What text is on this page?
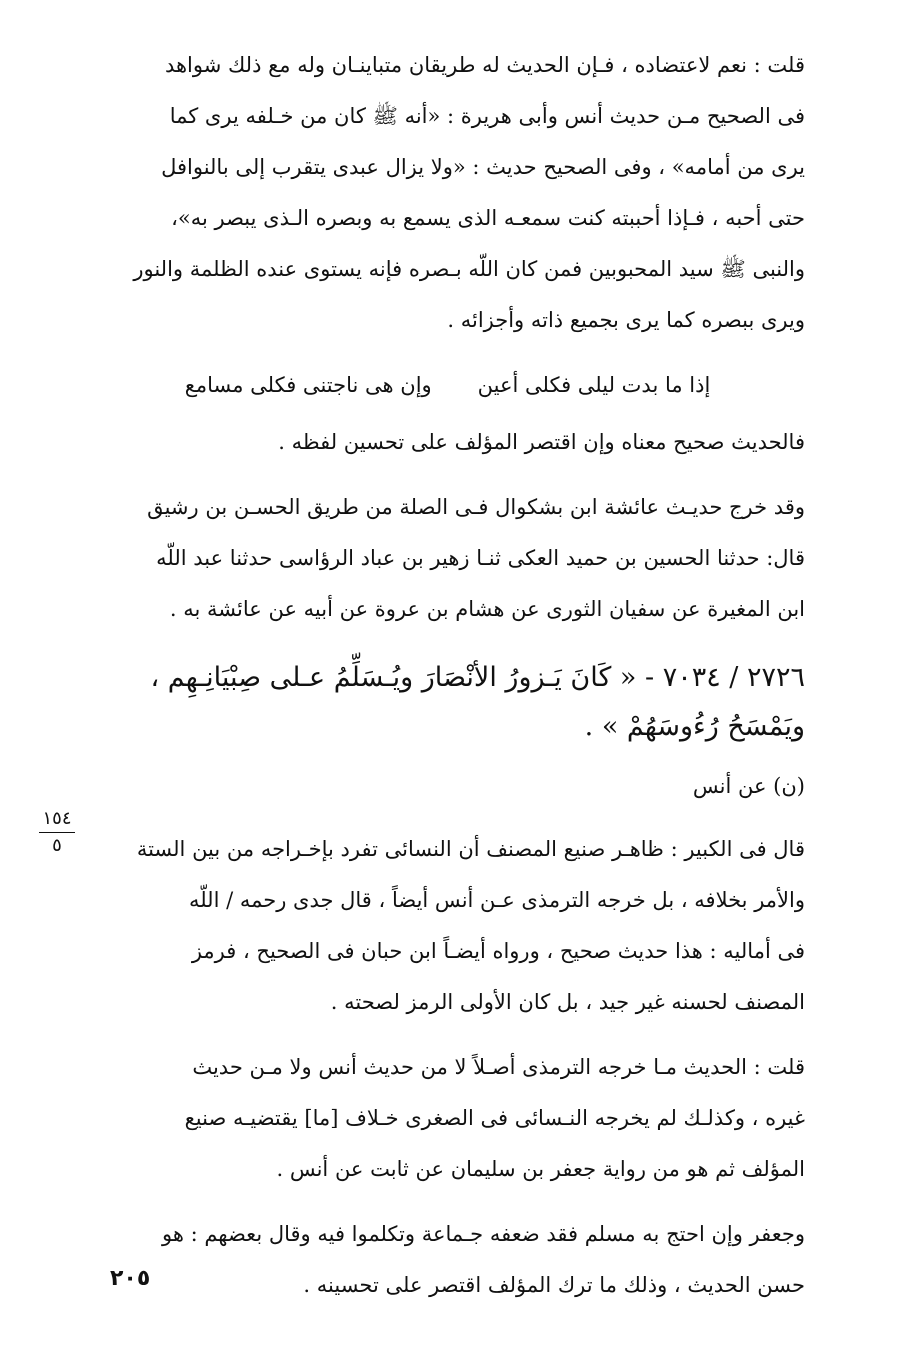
قلت : نعم لاعتضاده ، فـإن الحديث له طريقان متباينـان وله مع ذلك شواهد
فى الصحيح مـن حديث أنس وأبى هريرة : «أنه ﷺ كان من خـلفه يرى كما
يرى من أمامه» ، وفى الصحيح حديث : «ولا يزال عبدى يتقرب إلى بالنوافل
حتى أحبه ، فـإذا أحببته كنت سمعـه الذى يسمع به وبصره الـذى يبصر به»،
والنبى ﷺ سيد المحبوبين فمن كان اللّه بـصره فإنه يستوى عنده الظلمة والنور
ويرى ببصره كما يرى بجميع ذاته وأجزائه .
إذا ما بدت ليلى فكلى أعين
وإن هى ناجتنى فكلى مسامع
فالحديث صحيح معناه وإن اقتصر المؤلف على تحسين لفظه .
وقد خرج حديـث عائشة ابن بشكوال فـى الصلة من طريق الحسـن بن رشيق
قال: حدثنا الحسين بن حميد العكى ثنـا زهير بن عباد الرؤاسى حدثنا عبد اللّه
ابن المغيرة عن سفيان الثورى عن هشام بن عروة عن أبيه عن عائشة به .
٢٧٢٦ / ٧٠٣٤ - « كَانَ يَـزورُ الأنْصَارَ ويُـسَلِّمُ عـلى صِبْيَانِـهِم ،
ويَمْسَحُ رُءُوسَهُمْ » .
(ن) عن أنس
قال فى الكبير : ظاهـر صنيع المصنف أن النسائى تفرد بإخـراجه من بين الستة
والأمر بخلافه ، بل خرجه الترمذى عـن أنس أيضاً ، قال جدى رحمه / اللّه
فى أماليه : هذا حديث صحيح ، ورواه أيضـاً ابن حبان فى الصحيح ، فرمز
المصنف لحسنه غير جيد ، بل كان الأولى الرمز لصحته .
قلت : الحديث مـا خرجه الترمذى أصـلاً لا من حديث أنس ولا مـن حديث
غيره ، وكذلـك لم يخرجه النـسائى فى الصغرى خـلاف [ما] يقتضيـه صنيع
المؤلف ثم هو من رواية جعفر بن سليمان عن ثابت عن أنس .
وجعفر وإن احتج به مسلم فقد ضعفه جـماعة وتكلموا فيه وقال بعضهم : هو
حسن الحديث ، وذلك ما ترك المؤلف اقتصر على تحسينه .
١٥٤
٥
٢٠٥
